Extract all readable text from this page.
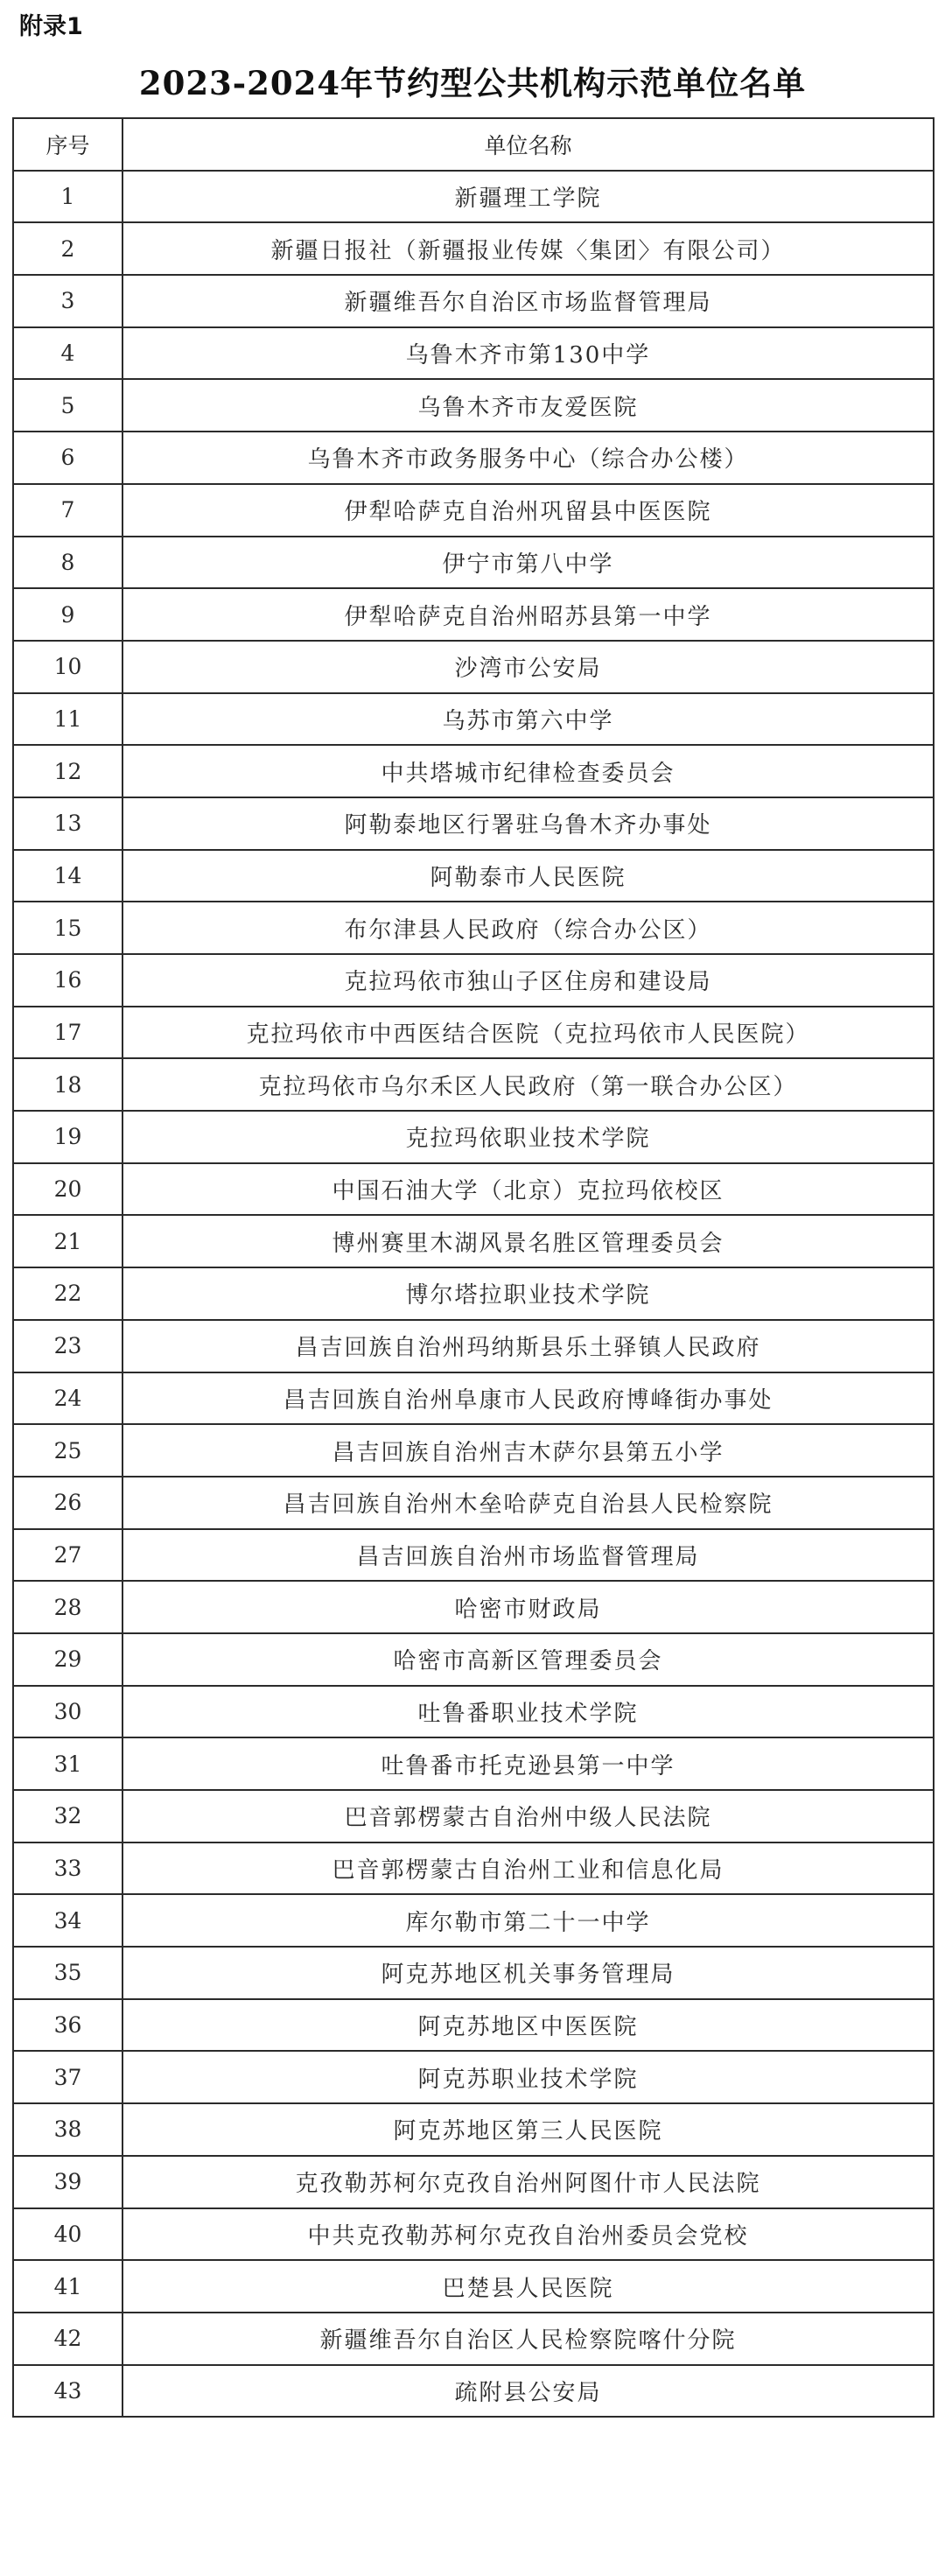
附录1
2023-2024年节约型公共机构示范单位名单
序号	单位名称
1	新疆理工学院
2	新疆日报社（新疆报业传媒〈集团〉有限公司）
3	新疆维吾尔自治区市场监督管理局
4	乌鲁木齐市第130中学
5	乌鲁木齐市友爱医院
6	乌鲁木齐市政务服务中心（综合办公楼）
7	伊犁哈萨克自治州巩留县中医医院
8	伊宁市第八中学
9	伊犁哈萨克自治州昭苏县第一中学
10	沙湾市公安局
11	乌苏市第六中学
12	中共塔城市纪律检查委员会
13	阿勒泰地区行署驻乌鲁木齐办事处
14	阿勒泰市人民医院
15	布尔津县人民政府（综合办公区）
16	克拉玛依市独山子区住房和建设局
17	克拉玛依市中西医结合医院（克拉玛依市人民医院）
18	克拉玛依市乌尔禾区人民政府（第一联合办公区）
19	克拉玛依职业技术学院
20	中国石油大学（北京）克拉玛依校区
21	博州赛里木湖风景名胜区管理委员会
22	博尔塔拉职业技术学院
23	昌吉回族自治州玛纳斯县乐土驿镇人民政府
24	昌吉回族自治州阜康市人民政府博峰街办事处
25	昌吉回族自治州吉木萨尔县第五小学
26	昌吉回族自治州木垒哈萨克自治县人民检察院
27	昌吉回族自治州市场监督管理局
28	哈密市财政局
29	哈密市高新区管理委员会
30	吐鲁番职业技术学院
31	吐鲁番市托克逊县第一中学
32	巴音郭楞蒙古自治州中级人民法院
33	巴音郭楞蒙古自治州工业和信息化局
34	库尔勒市第二十一中学
35	阿克苏地区机关事务管理局
36	阿克苏地区中医医院
37	阿克苏职业技术学院
38	阿克苏地区第三人民医院
39	克孜勒苏柯尔克孜自治州阿图什市人民法院
40	中共克孜勒苏柯尔克孜自治州委员会党校
41	巴楚县人民医院
42	新疆维吾尔自治区人民检察院喀什分院
43	疏附县公安局
